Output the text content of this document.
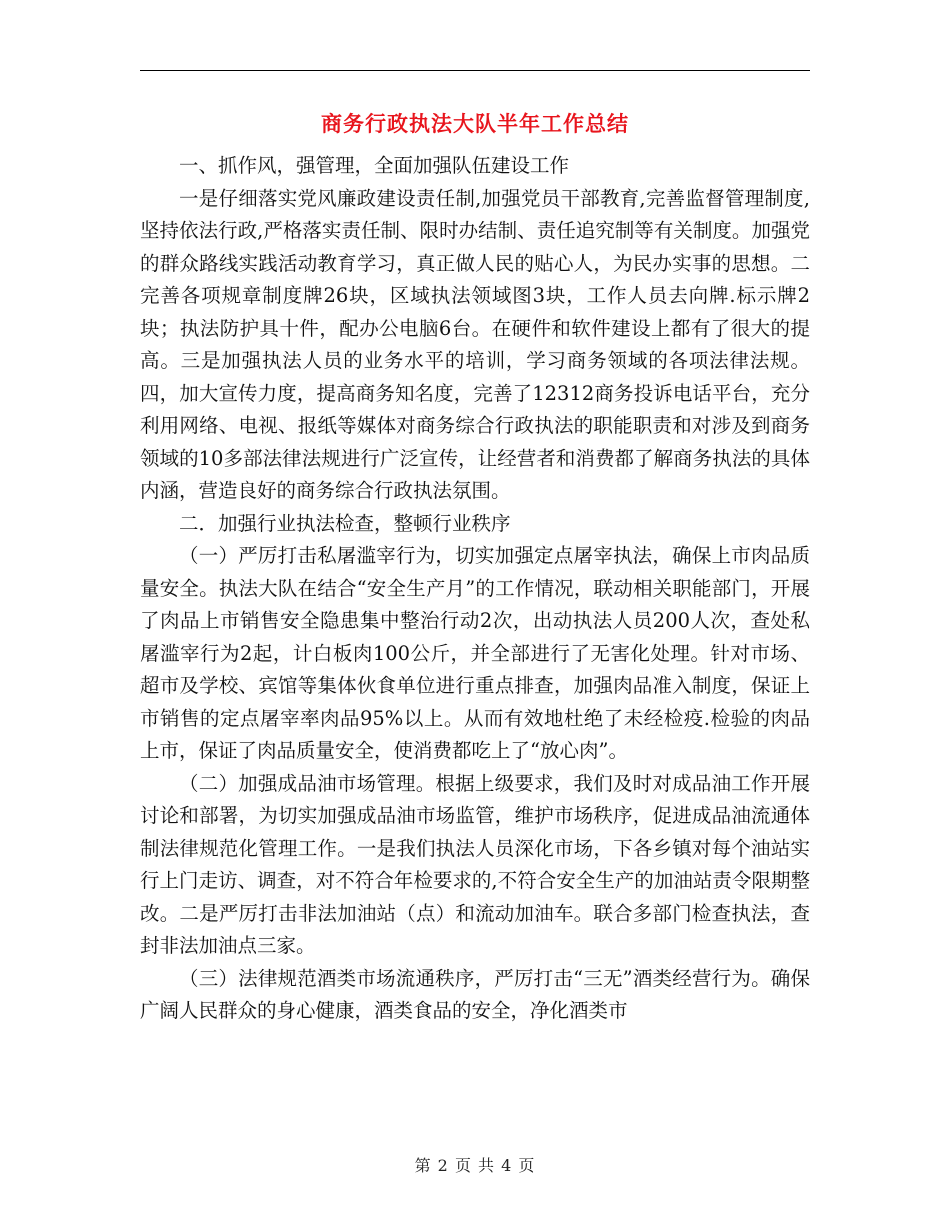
商务行政执法大队半年工作总结

一、抓作风，强管理，全面加强队伍建设工作

一是仔细落实党风廉政建设责任制,加强党员干部教育,完善监督管理制度,坚持依法行政,严格落实责任制、限时办结制、责任追究制等有关制度。加强党的群众路线实践活动教育学习，真正做人民的贴心人，为民办实事的思想。二完善各项规章制度牌26块，区域执法领域图3块，工作人员去向牌.标示牌2块；执法防护具十件，配办公电脑6台。在硬件和软件建设上都有了很大的提高。三是加强执法人员的业务水平的培训，学习商务领域的各项法律法规。四，加大宣传力度，提高商务知名度，完善了12312商务投诉电话平台，充分利用网络、电视、报纸等媒体对商务综合行政执法的职能职责和对涉及到商务领域的10多部法律法规进行广泛宣传，让经营者和消费都了解商务执法的具体内涵，营造良好的商务综合行政执法氛围。

二．加强行业执法检查，整顿行业秩序

（一）严厉打击私屠滥宰行为，切实加强定点屠宰执法，确保上市肉品质量安全。执法大队在结合“安全生产月”的工作情况，联动相关职能部门，开展了肉品上市销售安全隐患集中整治行动2次，出动执法人员200人次，查处私屠滥宰行为2起，计白板肉100公斤，并全部进行了无害化处理。针对市场、超市及学校、宾馆等集体伙食单位进行重点排查，加强肉品准入制度，保证上市销售的定点屠宰率肉品95%以上。从而有效地杜绝了未经检疫.检验的肉品上市，保证了肉品质量安全，使消费都吃上了“放心肉”。

（二）加强成品油市场管理。根据上级要求，我们及时对成品油工作开展讨论和部署，为切实加强成品油市场监管，维护市场秩序，促进成品油流通体制法律规范化管理工作。一是我们执法人员深化市场，下各乡镇对每个油站实行上门走访、调查，对不符合年检要求的,不符合安全生产的加油站责令限期整改。二是严厉打击非法加油站（点）和流动加油车。联合多部门检查执法，查封非法加油点三家。

（三）法律规范酒类市场流通秩序，严厉打击“三无”酒类经营行为。确保广阔人民群众的身心健康，酒类食品的安全，净化酒类市

第 2 页 共 4 页
